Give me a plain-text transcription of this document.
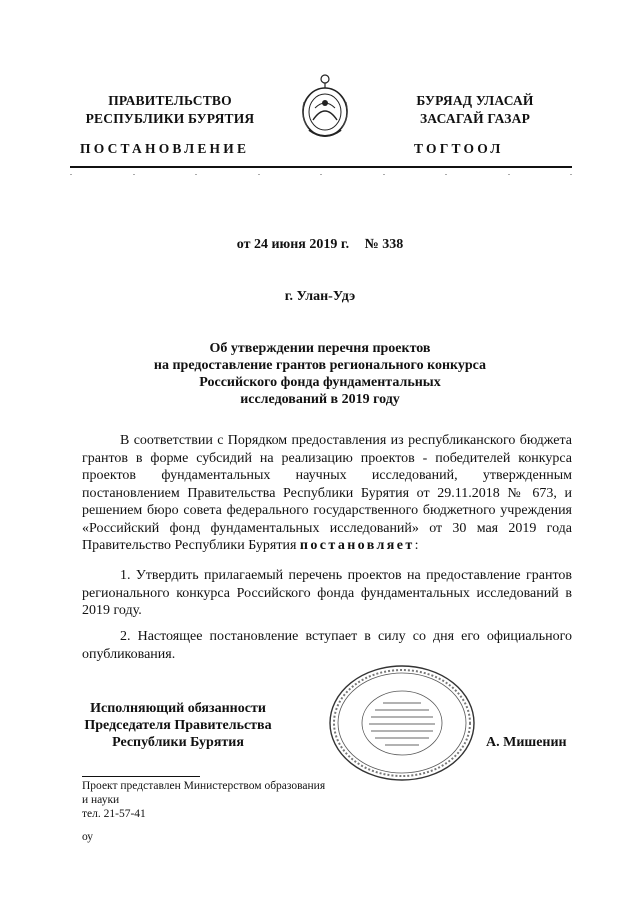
ПРАВИТЕЛЬСТВО
РЕСПУБЛИКИ БУРЯТИЯ
БУРЯАД УЛАСАЙ
ЗАСАГАЙ ГАЗАР
ПОСТАНОВЛЕНИЕ	ТОГТООЛ
от 24 июня 2019 г. № 338
г. Улан-Удэ
Об утверждении перечня проектов
на предоставление грантов регионального конкурса
Российского фонда фундаментальных
исследований в 2019 году
В соответствии с Порядком предоставления из республиканского бюджета грантов в форме субсидий на реализацию проектов - победителей конкурса проектов фундаментальных научных исследований, утвержденным постановлением Правительства Республики Бурятия от 29.11.2018 № 673, и решением бюро совета федерального государственного бюджетного учреждения «Российский фонд фундаментальных исследований» от 30 мая 2019 года Правительство Республики Бурятия постановляет:
1. Утвердить прилагаемый перечень проектов на предоставление грантов регионального конкурса Российского фонда фундаментальных исследований в 2019 году.
2. Настоящее постановление вступает в силу со дня его официального опубликования.
Исполняющий обязанности
Председателя Правительства
Республики Бурятия	А. Мишенин
Проект представлен Министерством образования
и науки
тел. 21-57-41
оу
